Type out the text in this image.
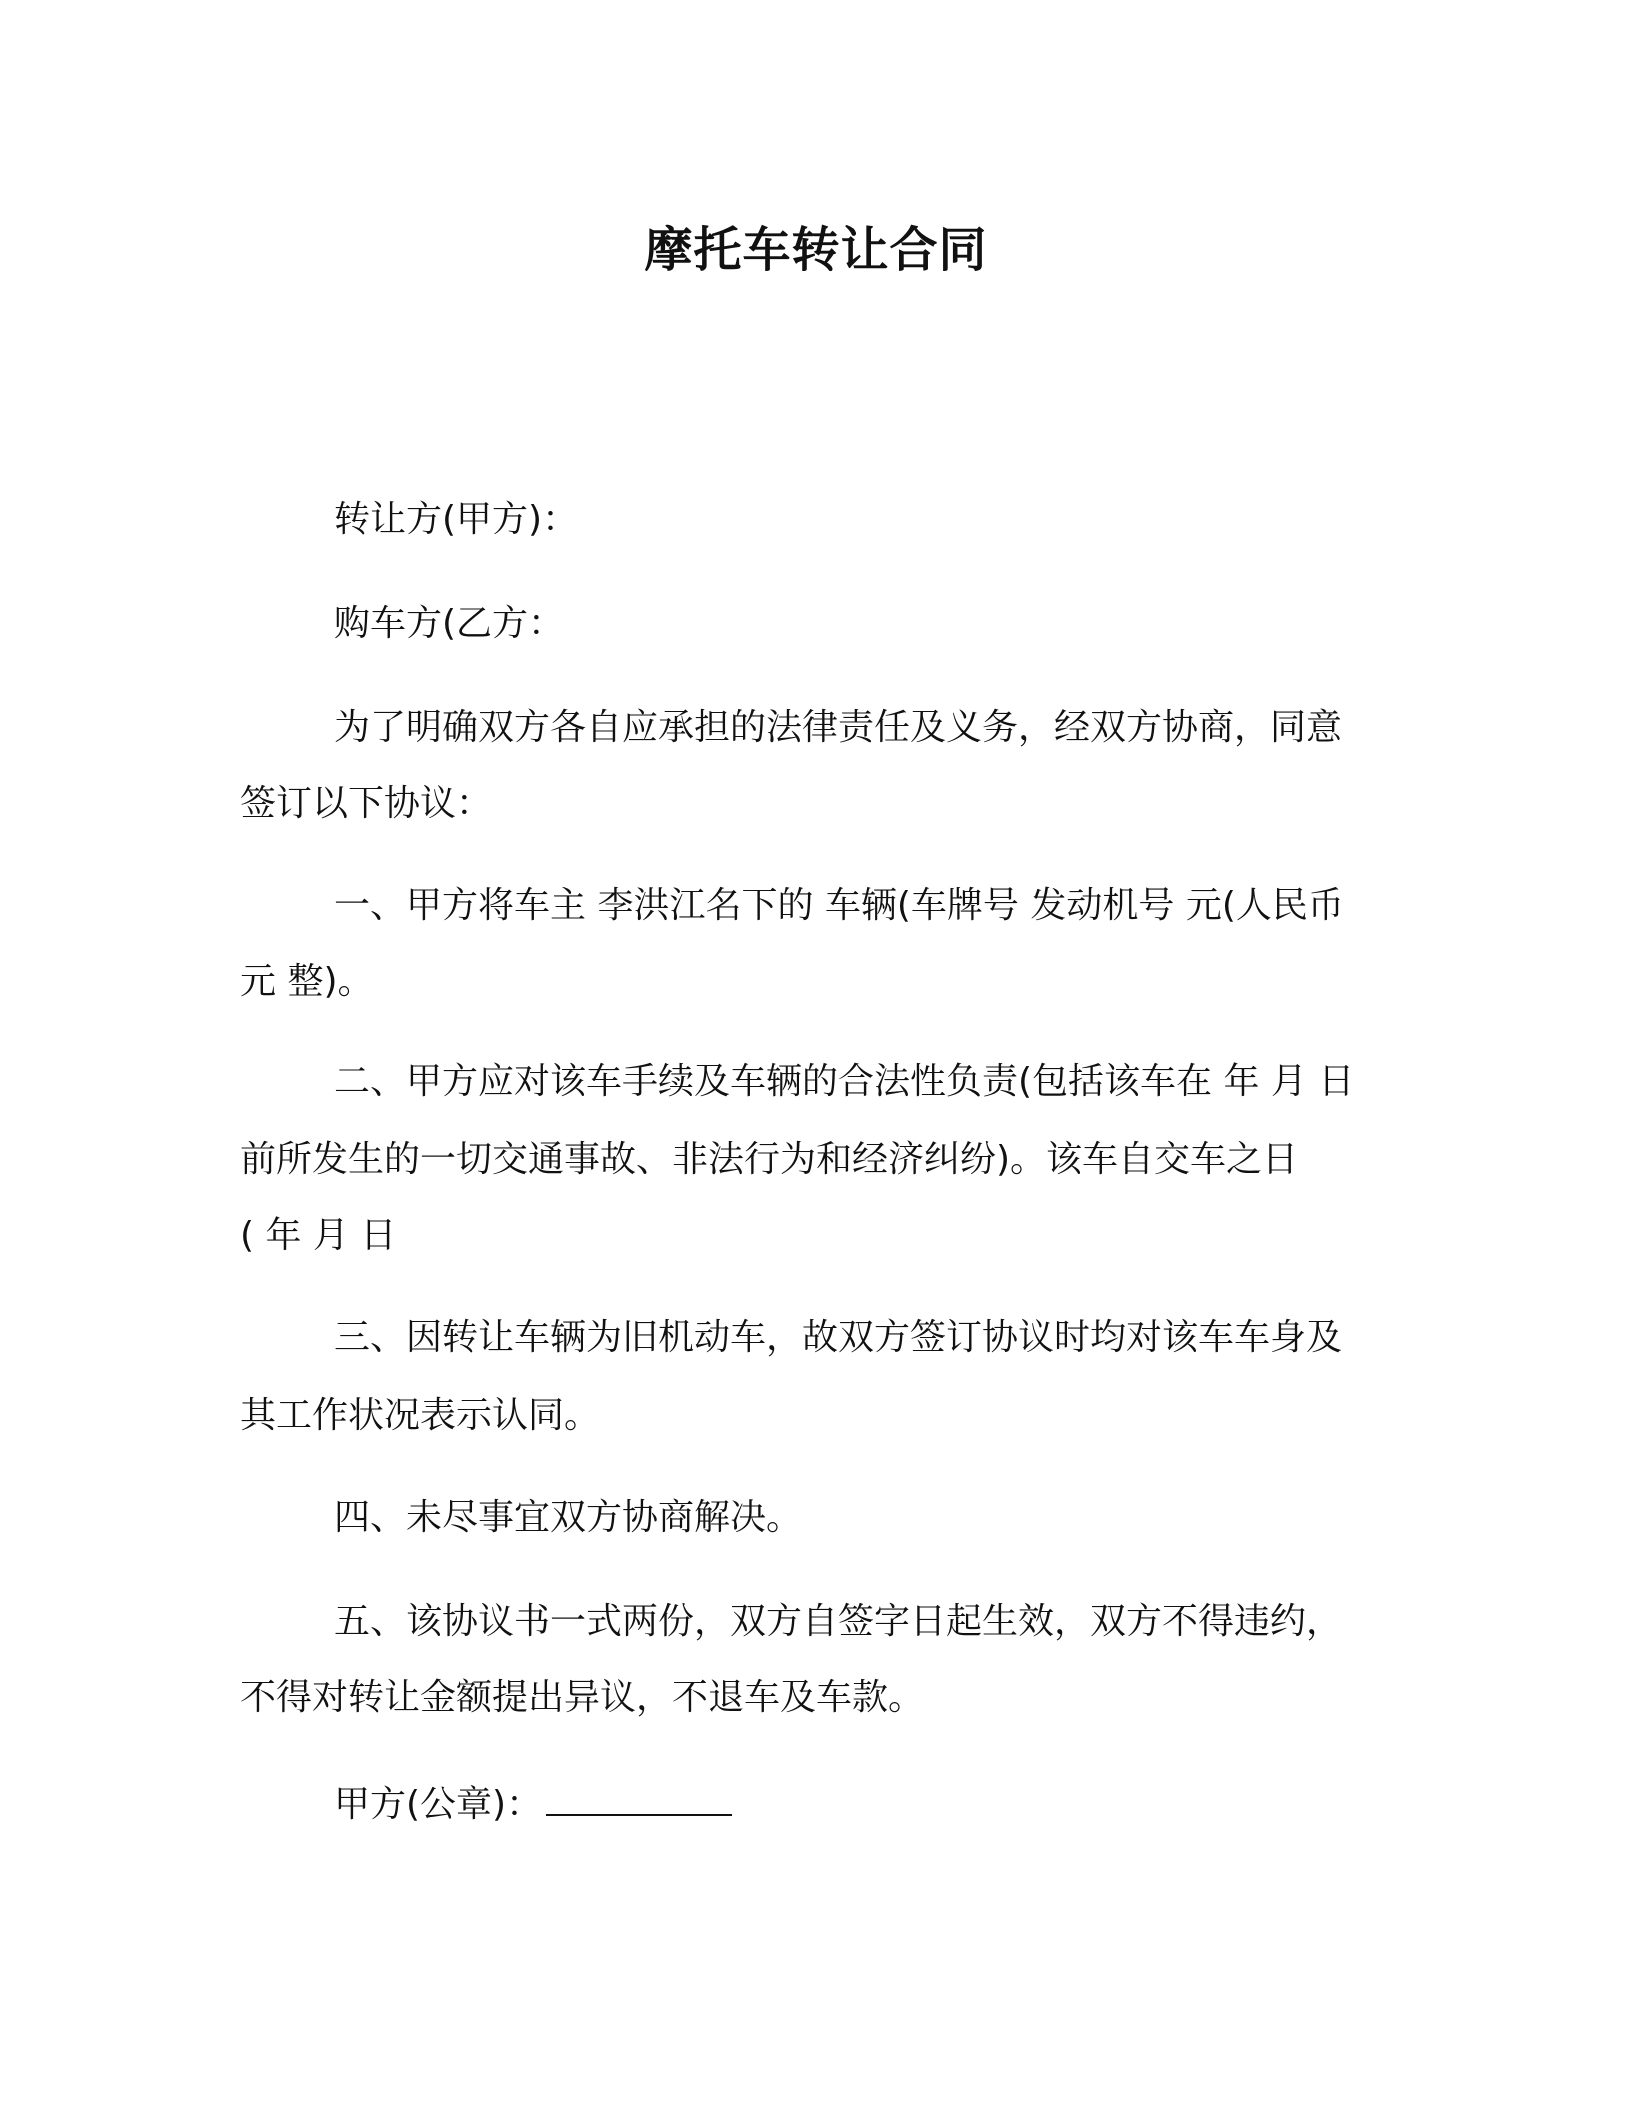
摩托车转让合同
转让方(甲方)：
购车方(乙方：
为了明确双方各自应承担的法律责任及义务，经双方协商，同意
签订以下协议：
一、甲方将车主 李洪江名下的 车辆(车牌号 发动机号 元(人民币
元 整)。
二、甲方应对该车手续及车辆的合法性负责(包括该车在 年 月 日
前所发生的一切交通事故、非法行为和经济纠纷)。该车自交车之日
( 年 月 日
三、因转让车辆为旧机动车，故双方签订协议时均对该车车身及
其工作状况表示认同。
四、未尽事宜双方协商解决。
五、该协议书一式两份，双方自签字日起生效，双方不得违约，
不得对转让金额提出异议，不退车及车款。
甲方(公章)：
